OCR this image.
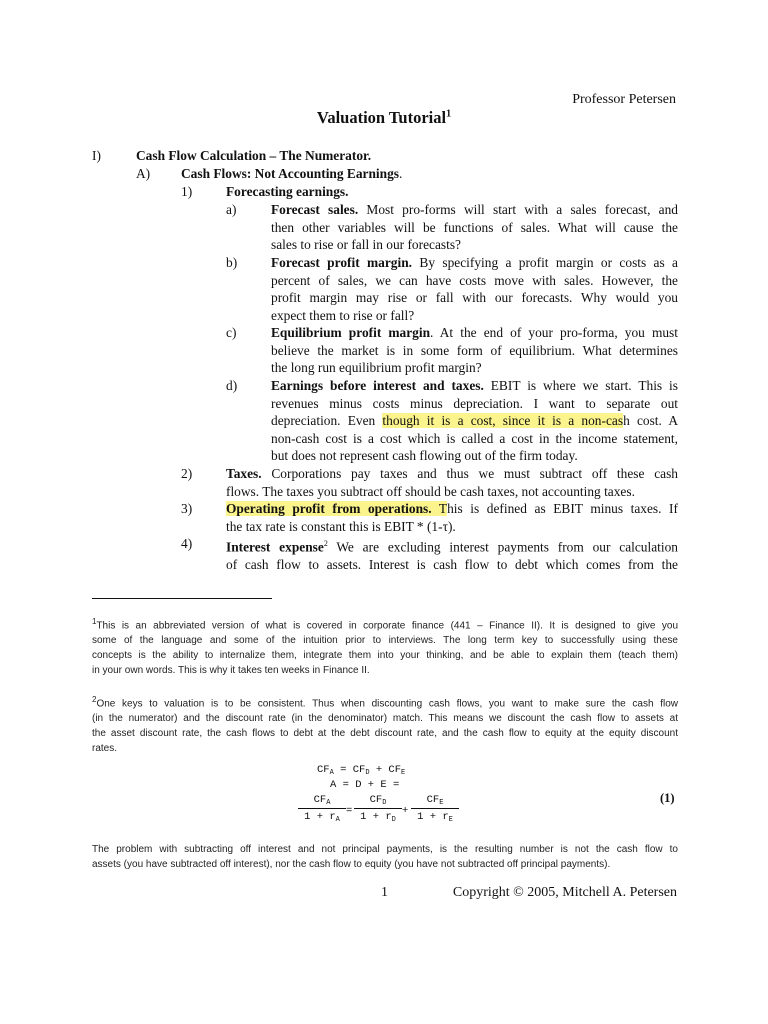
Professor Petersen
Valuation Tutorial$^1$
I)	Cash Flow Calculation – The Numerator.
A) Cash Flows: Not Accounting Earnings.
1)	Forecasting earnings.
a)	Forecast sales. Most pro-forms will start with a sales forecast, and
then other variables will be functions of sales. What will cause the
sales to rise or fall in our forecasts?
b)	Forecast profit margin. By specifying a profit margin or costs as a
percent of sales, we can have costs move with sales. However, the
profit margin may rise or fall with our forecasts. Why would you
expect them to rise or fall?
c)	Equilibrium profit margin. At the end of your pro-forma, you must
believe the market is in some form of equilibrium. What determines
the long run equilibrium profit margin?
d)	Earnings before interest and taxes. EBIT is where we start. This is
revenues minus costs minus depreciation. I want to separate out
depreciation. Even though it is a cost, since it is a non-cash cost. A
non-cash cost is a cost which is called a cost in the income statement,
but does not represent cash flowing out of the firm today.
2)	Taxes. Corporations pay taxes and thus we must subtract off these cash
flows. The taxes you subtract off should be cash taxes, not accounting taxes.
3)	Operating profit from operations. This is defined as EBIT minus taxes. If
the tax rate is constant this is EBIT * (1-τ).
4)	Interest expense$^2$ We are excluding interest payments from our calculation
of cash flow to assets. Interest is cash flow to debt which comes from the
$^1$This is an abbreviated version of what is covered in corporate finance (441 – Finance II). It is designed to give you
some of the language and some of the intuition prior to interviews. The long term key to successfully using these
concepts is the ability to internalize them, integrate them into your thinking, and be able to explain them (teach them)
in your own words. This is why it takes ten weeks in Finance II.
$^2$One keys to valuation is to be consistent. Thus when discounting cash flows, you want to make sure the cash flow
(in the numerator) and the discount rate (in the denominator) match. This means we discount the cash flow to assets at
the asset discount rate, the cash flows to debt at the debt discount rate, and the cash flow to equity at the equity discount
rates.
$CF_A = CF_D + CF_E$
A = D + E =
$CF_A$
$1 + r_A$
=
$CF_D$
$1 + r_D$
+
$CF_E$
$1 + r_E$
(1)
The problem with subtracting off interest and not principal payments, is the resulting number is not the cash flow to
assets (you have subtracted off interest), nor the cash flow to equity (you have not subtracted off principal payments).
1	Copyright © 2005, Mitchell A. Petersen
